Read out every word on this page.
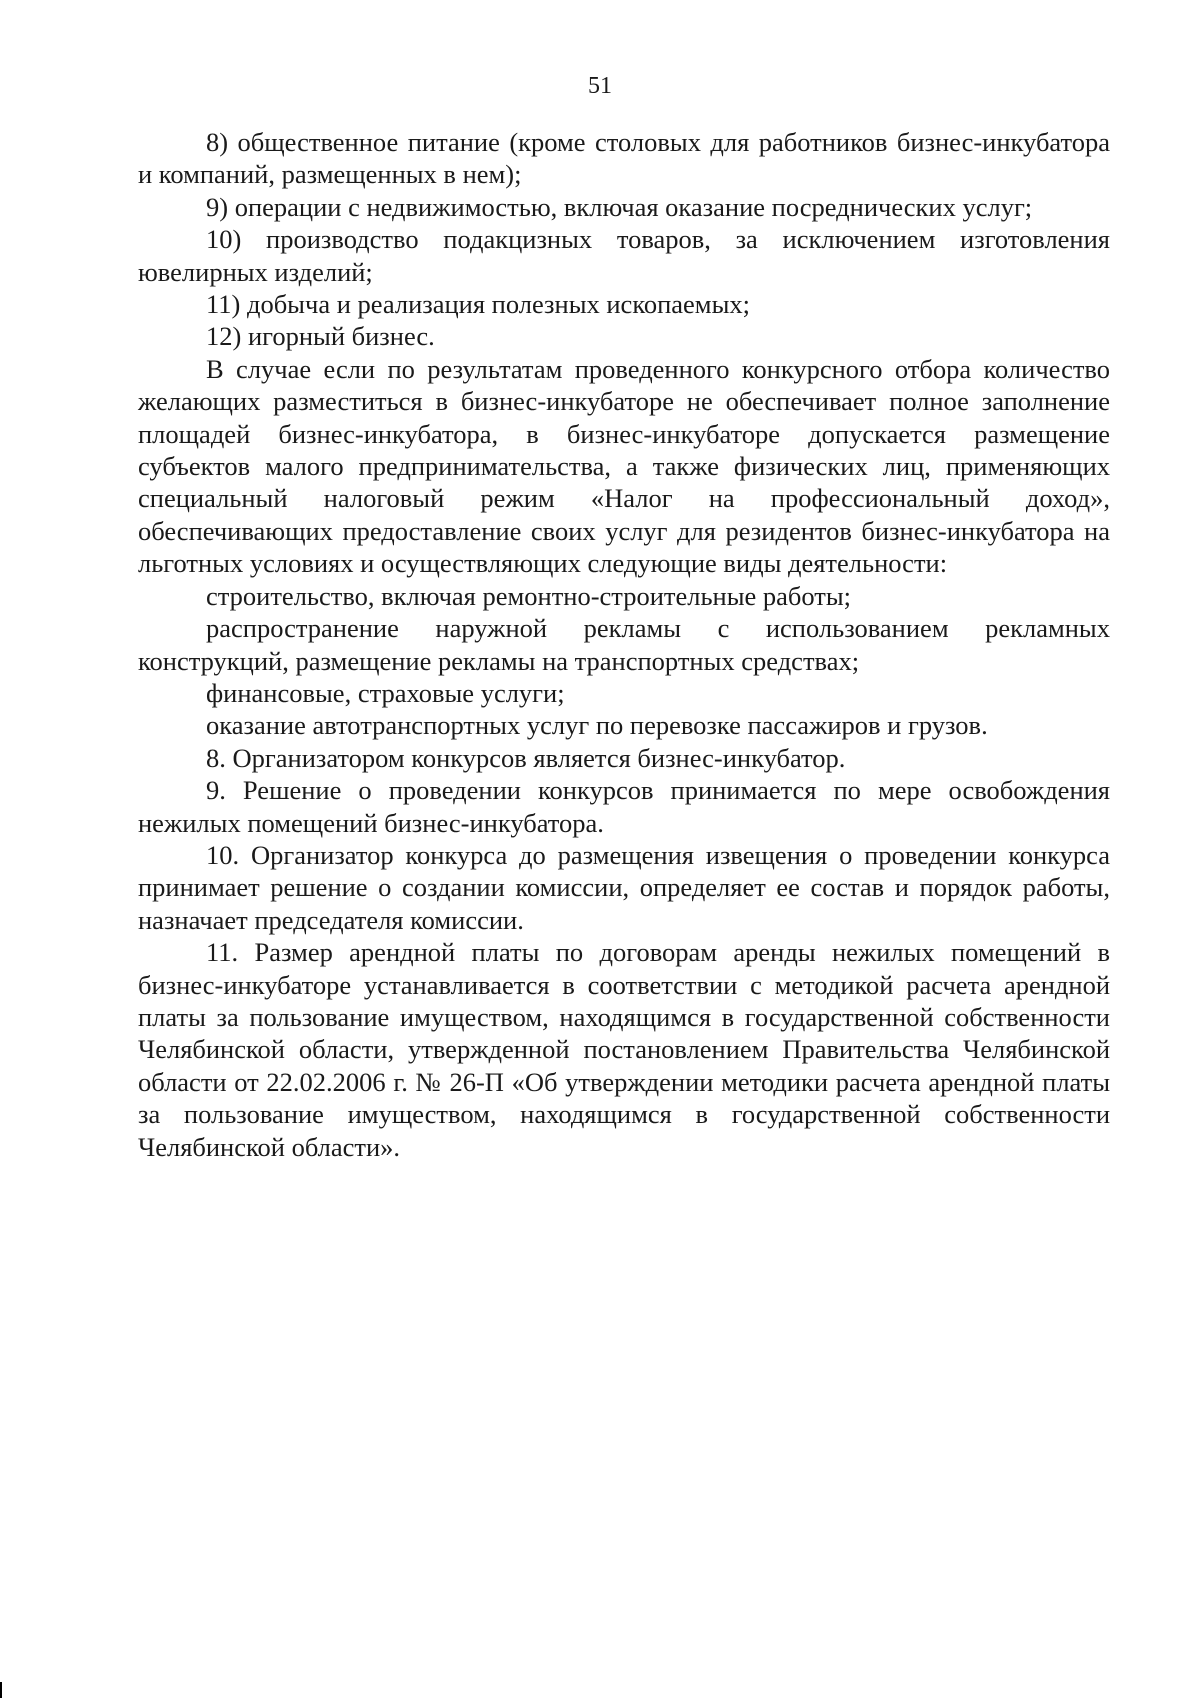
51

8) общественное питание (кроме столовых для работников бизнес-инкубатора и компаний, размещенных в нем);

9) операции с недвижимостью, включая оказание посреднических услуг;

10) производство подакцизных товаров, за исключением изготовления ювелирных изделий;

11) добыча и реализация полезных ископаемых;

12) игорный бизнес.

В случае если по результатам проведенного конкурсного отбора количество желающих разместиться в бизнес-инкубаторе не обеспечивает полное заполнение площадей бизнес-инкубатора, в бизнес-инкубаторе допускается размещение субъектов малого предпринимательства, а также физических лиц, применяющих специальный налоговый режим «Налог на профессиональный доход», обеспечивающих предоставление своих услуг для резидентов бизнес-инкубатора на льготных условиях и осуществляющих следующие виды деятельности:

строительство, включая ремонтно-строительные работы;

распространение наружной рекламы с использованием рекламных конструкций, размещение рекламы на транспортных средствах;

финансовые, страховые услуги;

оказание автотранспортных услуг по перевозке пассажиров и грузов.

8. Организатором конкурсов является бизнес-инкубатор.

9. Решение о проведении конкурсов принимается по мере освобождения нежилых помещений бизнес-инкубатора.

10. Организатор конкурса до размещения извещения о проведении конкурса принимает решение о создании комиссии, определяет ее состав и порядок работы, назначает председателя комиссии.

11. Размер арендной платы по договорам аренды нежилых помещений в бизнес-инкубаторе устанавливается в соответствии с методикой расчета арендной платы за пользование имуществом, находящимся в государственной собственности Челябинской области, утвержденной постановлением Правительства Челябинской области от 22.02.2006 г. № 26-П «Об утверждении методики расчета арендной платы за пользование имуществом, находящимся в государственной собственности Челябинской области».
